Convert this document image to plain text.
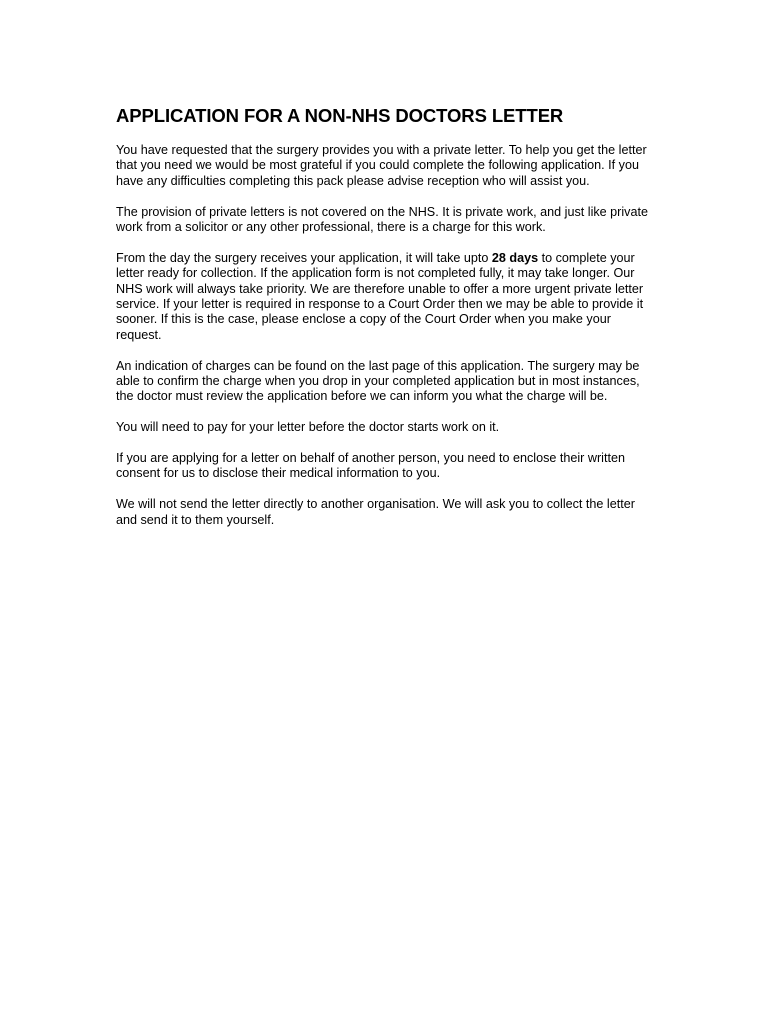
APPLICATION FOR A NON-NHS DOCTORS LETTER

You have requested that the surgery provides you with a private letter. To help you get the letter that you need we would be most grateful if you could complete the following application. If you have any difficulties completing this pack please advise reception who will assist you.

The provision of private letters is not covered on the NHS. It is private work, and just like private work from a solicitor or any other professional, there is a charge for this work.

From the day the surgery receives your application, it will take upto 28 days to complete your letter ready for collection. If the application form is not completed fully, it may take longer. Our NHS work will always take priority. We are therefore unable to offer a more urgent private letter service. If your letter is required in response to a Court Order then we may be able to provide it sooner. If this is the case, please enclose a copy of the Court Order when you make your request.

An indication of charges can be found on the last page of this application. The surgery may be able to confirm the charge when you drop in your completed application but in most instances, the doctor must review the application before we can inform you what the charge will be.

You will need to pay for your letter before the doctor starts work on it.

If you are applying for a letter on behalf of another person, you need to enclose their written consent for us to disclose their medical information to you.

We will not send the letter directly to another organisation. We will ask you to collect the letter and send it to them yourself.
